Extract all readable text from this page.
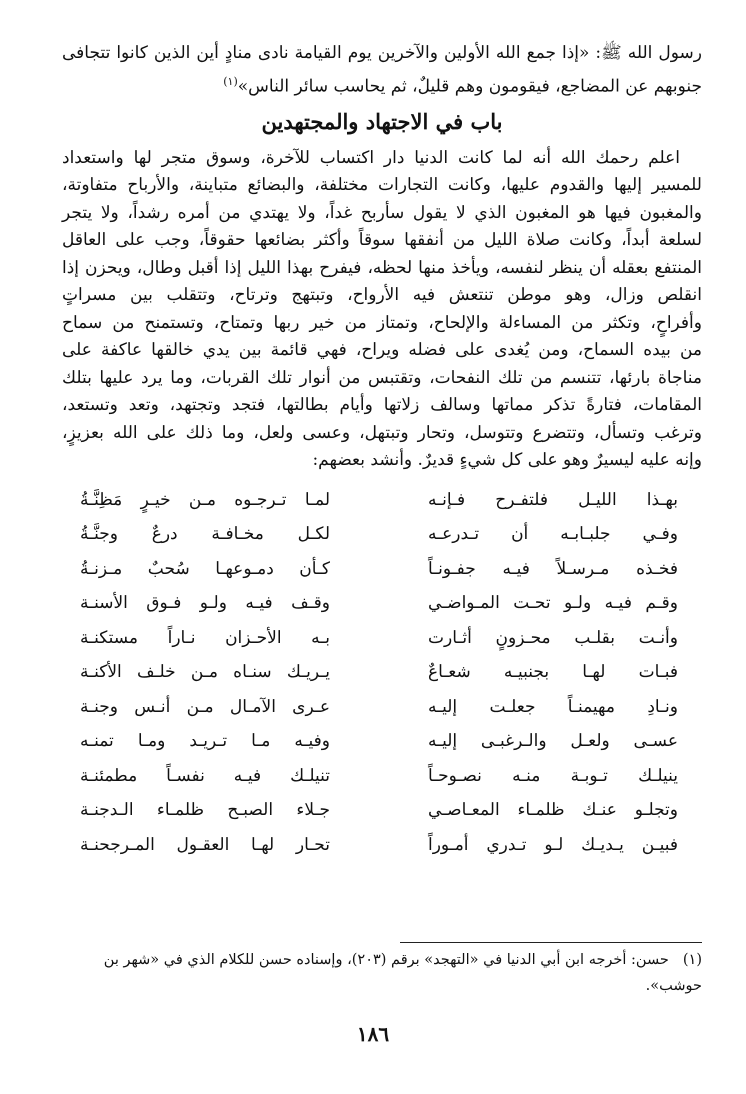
رسول الله ﷺ: «إذا جمع الله الأولين والآخرين يوم القيامة نادى منادٍ أين الذين كانوا تتجافى

جنوبهم عن المضاجع، فيقومون وهم قليلٌ، ثم يحاسب سائر الناس»$^{(١)}$

باب في الاجتهاد والمجتهدين

اعلم رحمك الله أنه لما كانت الدنيا دار اكتساب للآخرة، وسوق متجر لها واستعداد

للمسير إليها والقدوم عليها، وكانت التجارات مختلفة، والبضائع متباينة، والأرباح متفاوتة،

والمغبون فيها هو المغبون الذي لا يقول سأربح غداً، ولا يهتدي من أمره رشداً، ولا يتجر

لسلعة أبداً، وكانت صلاة الليل من أنفقها سوقاً وأكثر بضائعها حقوقاً، وجب على العاقل

المنتفع بعقله أن ينظر لنفسه، ويأخذ منها لحظه، فيفرح بهذا الليل إذا أقبل وطال، ويحزن إذا

انقلص وزال، وهو موطن تنتعش فيه الأرواح، وتبتهج وترتاح، وتتقلب بين مسراتٍ

وأفراحٍ، وتكثر من المساءلة والإلحاح، وتمتاز من خير ربها وتمتاح، وتستمنح من سماح

من بيده السماح، ومن يُغدى على فضله ويراح، فهي قائمة بين يدي خالقها عاكفة على

مناجاة بارئها، تتنسم من تلك النفحات، وتقتبس من أنوار تلك القربات، وما يرد عليها بتلك

المقامات، فتارةً تذكر مماتها وسالف زلاتها وأيام بطالتها، فتجد وتجتهد، وتعد وتستعد،

وترغب وتسأل، وتتضرع وتتوسل، وتحار وتبتهل، وعسى ولعل، وما ذلك على الله بعزيزٍ،

وإنه عليه ليسيرٌ وهو على كل شيءٍ قديرٌ. وأنشد بعضهم:

بهـذا الليـل فلتفـرح فـإنـه
لمـا تـرجـوه مـن خيـرٍ مَظِنَّـةُ
وفـي جلبـابـه أن تـدرعـه
لكـل مخـافـة درعٌ وجنَّـةُ
فخـذه مـرسـلاً فيـه جفـونـاً
كـأن دمـوعهـا سُحبٌ مـزنـةُ
وقـم فيـه ولـو تحـت المـواضـي
وقـف فيـه ولـو فـوق الأسنـة
وأنـت بقلـب محـزونٍ أثـارت
بـه الأحـزان نـاراً مستكنـة
فبـات لهـا بجنبيـه شعـاعٌ
يـريـك سنـاه مـن خلـف الأكنـة
ونـادِ مهيمنـاً جعلـت إليـه
عـرى الآمـال مـن أنـس وجنـة
عسـى ولعـل والـرغبـى إليـه
وفيـه مـا تـريـد ومـا تمنـه
ينيلـك تـوبـة منـه نصـوحـاً
تنيلـك فيـه نفسـاً مطمئنـة
وتجلـو عنـك ظلمـاء المعـاصـي
جـلاء الصبـح ظلمـاء الـدجنـة
فبيـن يـديـك لـو تـدري أمـوراً
تحـار لهـا العقـول المـرجحنـة
(١)حسن: أخرجه ابن أبي الدنيا في «التهجد» برقم (٢٠٣)، وإسناده حسن للكلام الذي في «شهر بن
حوشب».
١٨٦
